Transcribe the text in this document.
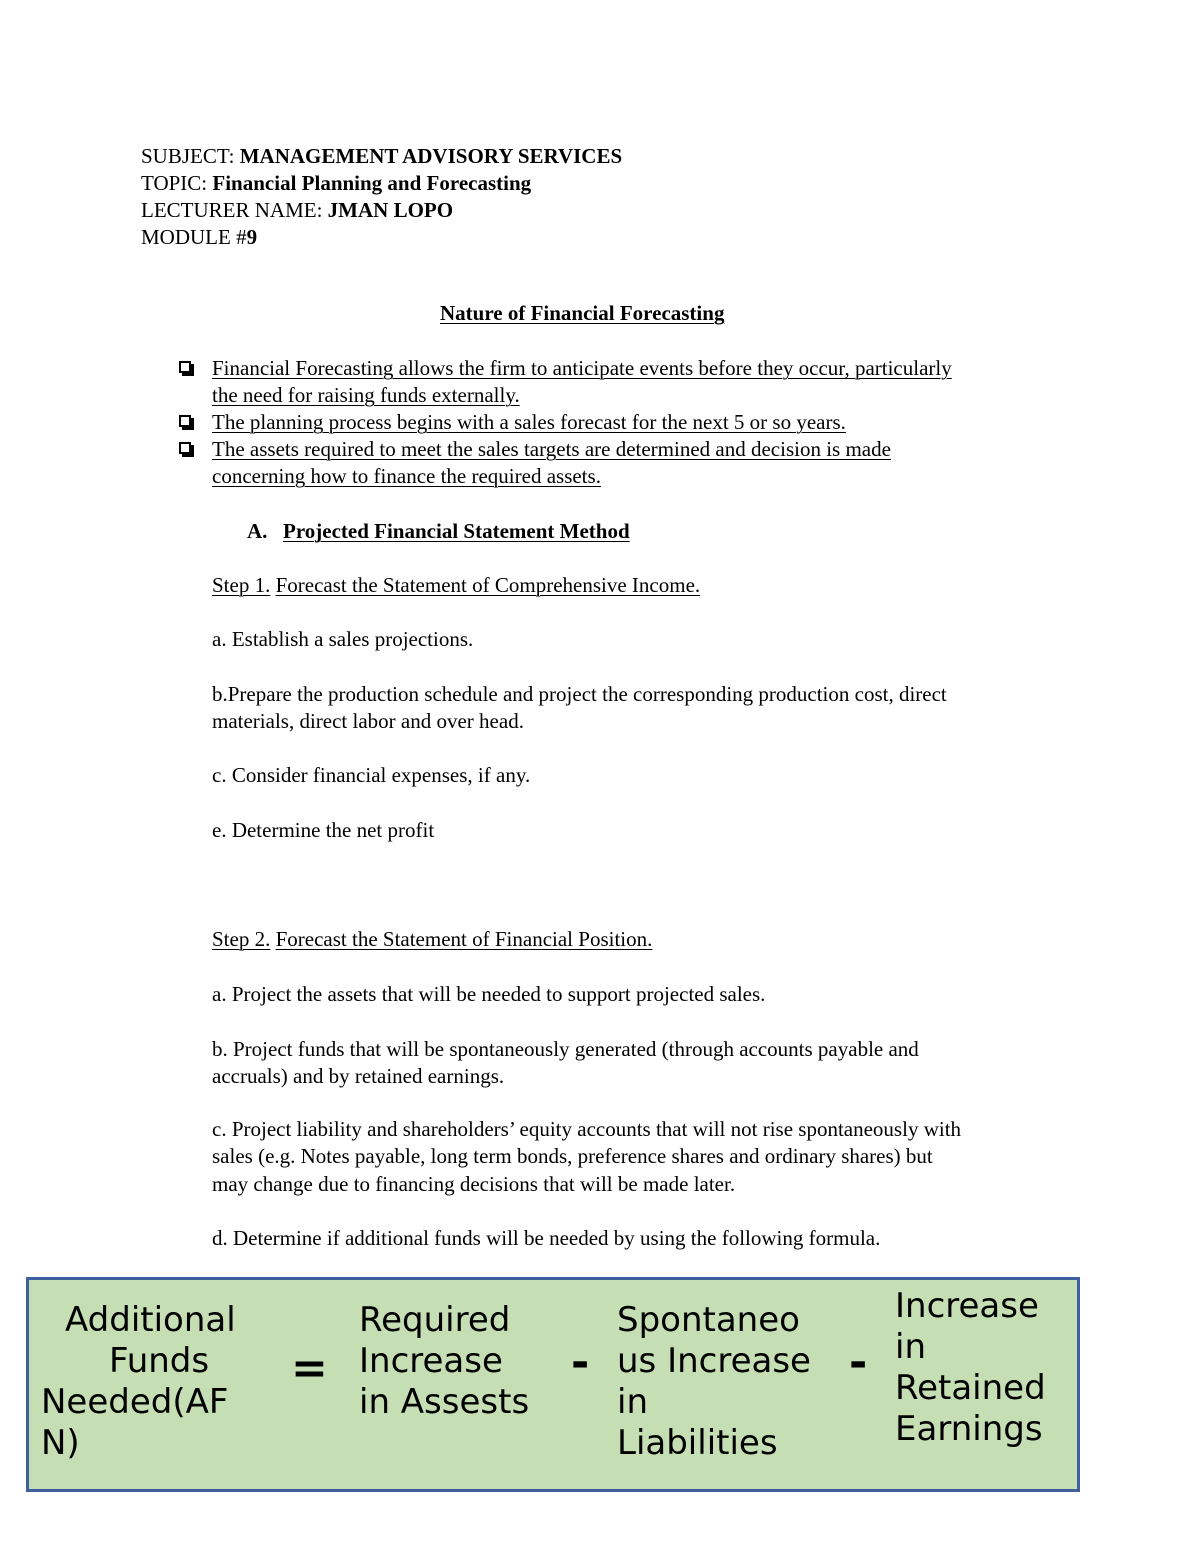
SUBJECT: MANAGEMENT ADVISORY SERVICES
TOPIC: Financial Planning and Forecasting
LECTURER NAME: JMAN LOPO
MODULE #9
Nature of Financial Forecasting
Financial Forecasting allows the firm to anticipate events before they occur, particularly
the need for raising funds externally.
The planning process begins with a sales forecast for the next 5 or so years.
The assets required to meet the sales targets are determined and decision is made
concerning how to finance the required assets.
A. Projected Financial Statement Method
Step 1. Forecast the Statement of Comprehensive Income.
a. Establish a sales projections.
b.Prepare the production schedule and project the corresponding production cost, direct
materials, direct labor and over head.
c. Consider financial expenses, if any.
e. Determine the net profit
Step 2. Forecast the Statement of Financial Position.
a. Project the assets that will be needed to support projected sales.
b. Project funds that will be spontaneously generated (through accounts payable and
accruals) and by retained earnings.
c. Project liability and shareholders’ equity accounts that will not rise spontaneously with
sales (e.g. Notes payable, long term bonds, preference shares and ordinary shares) but
may change due to financing decisions that will be made later.
d. Determine if additional funds will be needed by using the following formula.
Additional
Funds
Needed(AF
N)
=
Required
Increase
in Assests
-
Spontaneo
us Increase
in
Liabilities
-
Increase
in
Retained
Earnings
